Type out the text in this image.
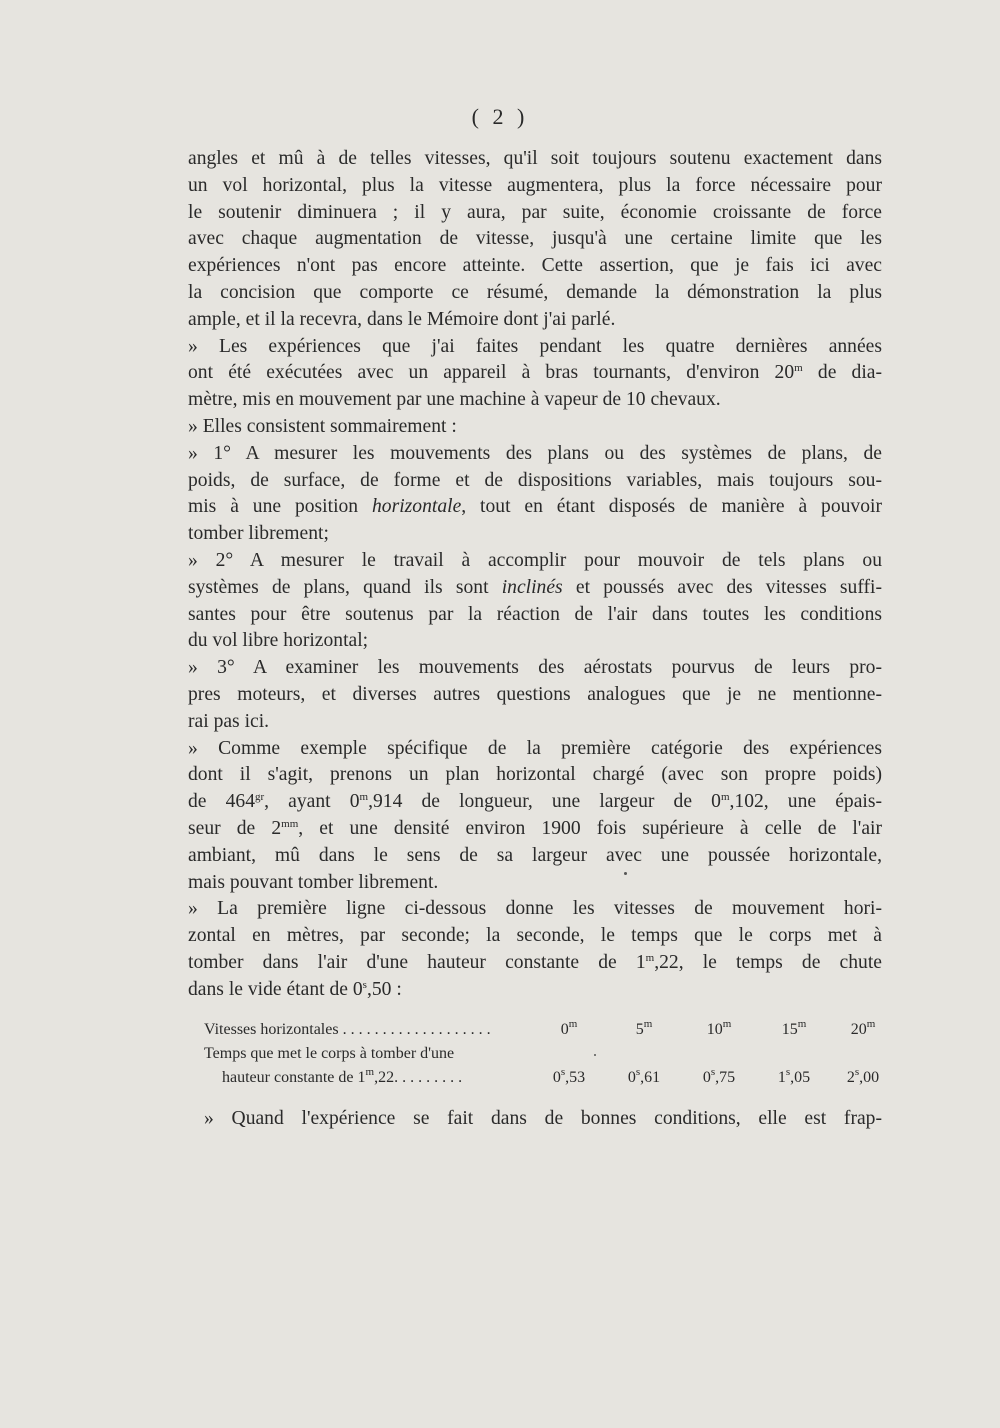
( 2 )
angles et mû à de telles vitesses, qu'il soit toujours soutenu exactement dans
un vol horizontal, plus la vitesse augmentera, plus la force nécessaire pour
le soutenir diminuera ; il y aura, par suite, économie croissante de force
avec chaque augmentation de vitesse, jusqu'à une certaine limite que les
expériences n'ont pas encore atteinte. Cette assertion, que je fais ici avec
la concision que comporte ce résumé, demande la démonstration la plus
ample, et il la recevra, dans le Mémoire dont j'ai parlé.
» Les expériences que j'ai faites pendant les quatre dernières années
ont été exécutées avec un appareil à bras tournants, d'environ 20$^m$ de dia-
mètre, mis en mouvement par une machine à vapeur de 10 chevaux.
» Elles consistent sommairement :
» 1° A mesurer les mouvements des plans ou des systèmes de plans, de
poids, de surface, de forme et de dispositions variables, mais toujours sou-
mis à une position horizontale, tout en étant disposés de manière à pouvoir
tomber librement;
» 2° A mesurer le travail à accomplir pour mouvoir de tels plans ou
systèmes de plans, quand ils sont inclinés et poussés avec des vitesses suffi-
santes pour être soutenus par la réaction de l'air dans toutes les conditions
du vol libre horizontal;
» 3° A examiner les mouvements des aérostats pourvus de leurs pro-
pres moteurs, et diverses autres questions analogues que je ne mentionne-
rai pas ici.
» Comme exemple spécifique de la première catégorie des expériences
dont il s'agit, prenons un plan horizontal chargé (avec son propre poids)
de $464^{gr}$, ayant 0$^m$,914 de longueur, une largeur de 0$^m$,102, une épais-
seur de $2^{mm}$, et une densité environ 1900 fois supérieure à celle de l'air
ambiant, mû dans le sens de sa largeur avec une poussée horizontale,
mais pouvant tomber librement.
» La première ligne ci-dessous donne les vitesses de mouvement hori-
zontal en mètres, par seconde; la seconde, le temps que le corps met à
tomber dans l'air d'une hauteur constante de 1$^m$,22, le temps de chute
dans le vide étant de 0$^s$,50 :
Vitesses horizontales . . . . . . . . . . . . . . . . . . .	0$^m$	5$^m$	10$^m$	15$^m$	20$^m$
Temps que met le corps à tomber d'une
hauteur constante de 1$^m$,22. . . . . . . . .	0$^s$,53	0$^s$,61	0$^s$,75	1$^s$,05	2$^s$,00
» Quand l'expérience se fait dans de bonnes conditions, elle est frap-
